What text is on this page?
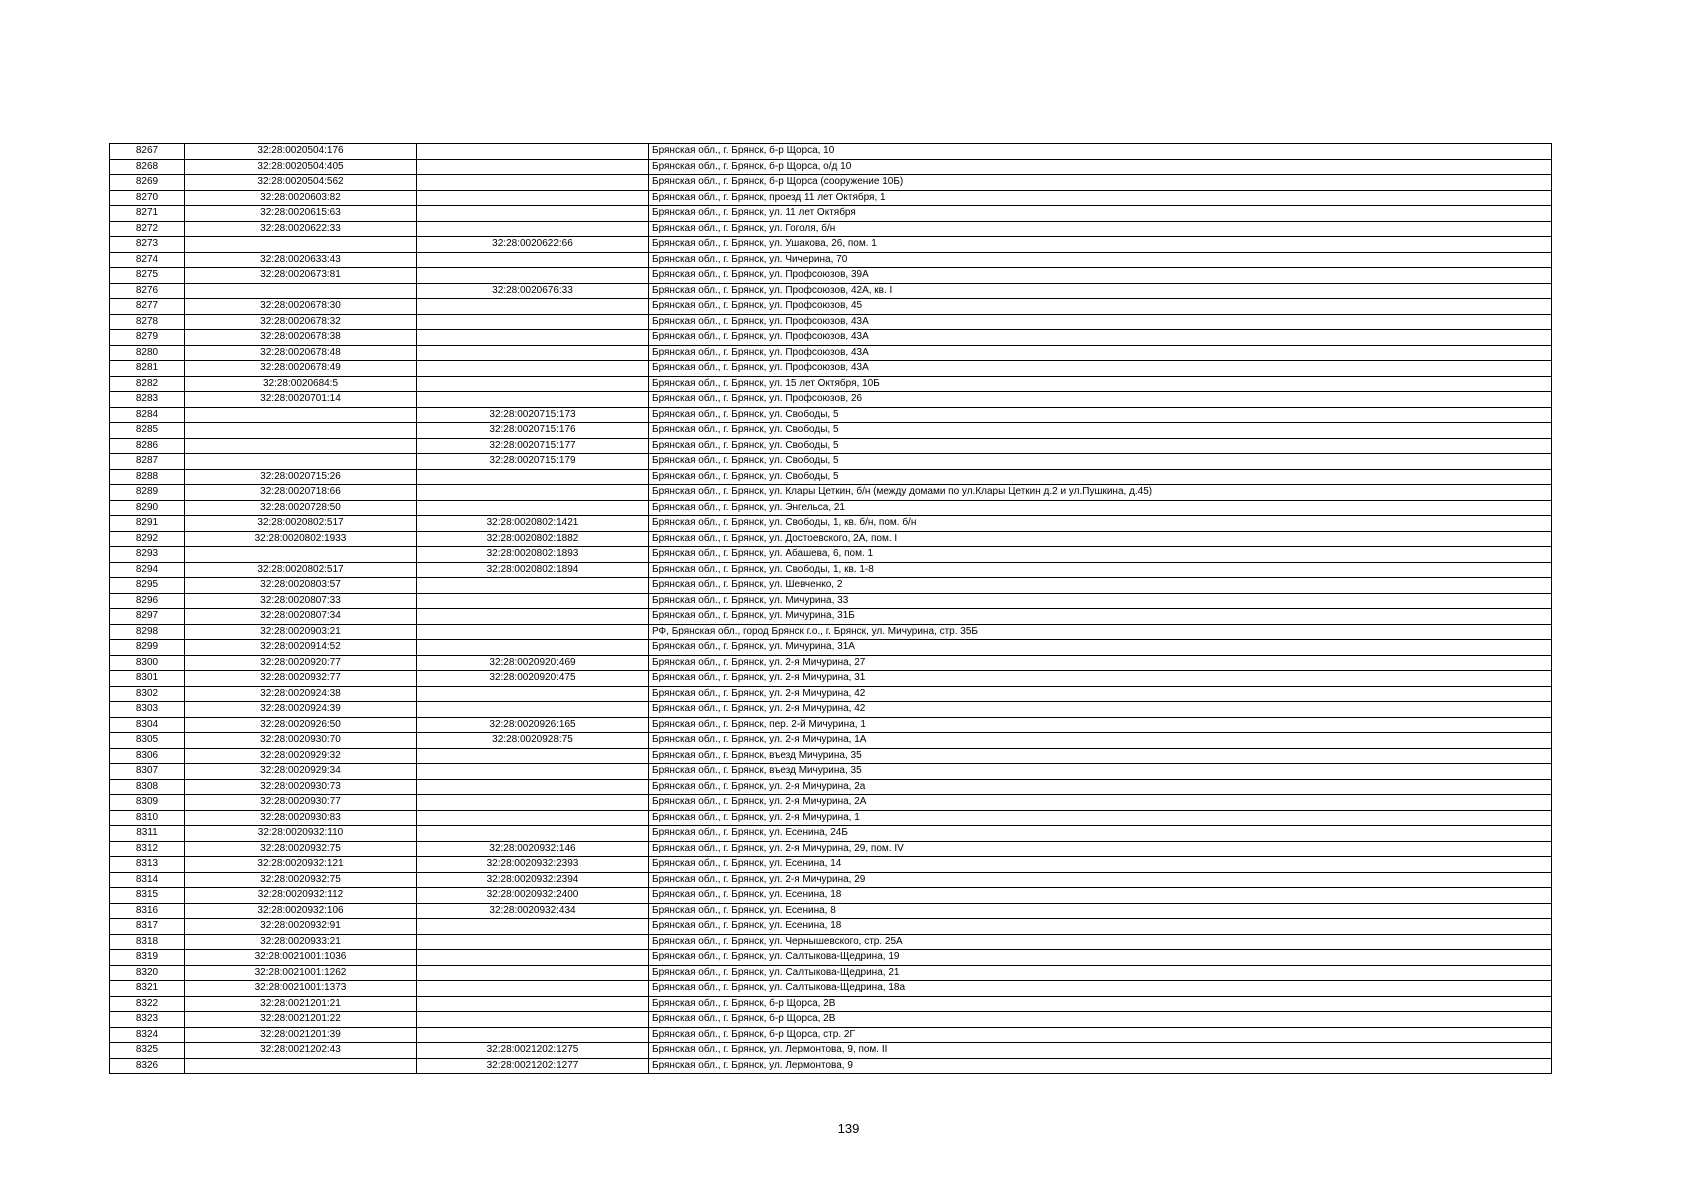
8267	32:28:0020504:176		Брянская обл., г. Брянск, б-р Щорса, 10
8268	32:28:0020504:405		Брянская обл., г. Брянск, б-р Щорса, о/д 10
8269	32:28:0020504:562		Брянская обл., г. Брянск, б-р Щорса (сооружение 10Б)
8270	32:28:0020603:82		Брянская обл., г. Брянск, проезд 11 лет Октября, 1
8271	32:28:0020615:63		Брянская обл., г. Брянск, ул. 11 лет Октября
8272	32:28:0020622:33		Брянская обл., г. Брянск, ул. Гоголя, б/н
8273		32:28:0020622:66	Брянская обл., г. Брянск, ул. Ушакова, 26, пом. 1
8274	32:28:0020633:43		Брянская обл., г. Брянск, ул. Чичерина, 70
8275	32:28:0020673:81		Брянская обл., г. Брянск, ул. Профсоюзов, 39А
8276		32:28:0020676:33	Брянская обл., г. Брянск, ул. Профсоюзов, 42А, кв. I
8277	32:28:0020678:30		Брянская обл., г. Брянск, ул. Профсоюзов, 45
8278	32:28:0020678:32		Брянская обл., г. Брянск, ул. Профсоюзов, 43А
8279	32:28:0020678:38		Брянская обл., г. Брянск, ул. Профсоюзов, 43А
8280	32:28:0020678:48		Брянская обл., г. Брянск, ул. Профсоюзов, 43А
8281	32:28:0020678:49		Брянская обл., г. Брянск, ул. Профсоюзов, 43А
8282	32:28:0020684:5		Брянская обл., г. Брянск, ул. 15 лет Октября, 10Б
8283	32:28:0020701:14		Брянская обл., г. Брянск, ул. Профсоюзов, 26
8284		32:28:0020715:173	Брянская обл., г. Брянск, ул. Свободы, 5
8285		32:28:0020715:176	Брянская обл., г. Брянск, ул. Свободы, 5
8286		32:28:0020715:177	Брянская обл., г. Брянск, ул. Свободы, 5
8287		32:28:0020715:179	Брянская обл., г. Брянск, ул. Свободы, 5
8288	32:28:0020715:26		Брянская обл., г. Брянск, ул. Свободы, 5
8289	32:28:0020718:66		Брянская обл., г. Брянск, ул. Клары Цеткин, б/н (между домами по ул.Клары Цеткин д.2 и ул.Пушкина, д.45)
8290	32:28:0020728:50		Брянская обл., г. Брянск, ул. Энгельса, 21
8291	32:28:0020802:517	32:28:0020802:1421	Брянская обл., г. Брянск, ул. Свободы, 1, кв. б/н, пом. б/н
8292	32:28:0020802:1933	32:28:0020802:1882	Брянская обл., г. Брянск, ул. Достоевского, 2А, пом. I
8293		32:28:0020802:1893	Брянская обл., г. Брянск, ул. Абашева, 6, пом. 1
8294	32:28:0020802:517	32:28:0020802:1894	Брянская обл., г. Брянск, ул. Свободы, 1, кв. 1-8
8295	32:28:0020803:57		Брянская обл., г. Брянск, ул. Шевченко, 2
8296	32:28:0020807:33		Брянская обл., г. Брянск, ул. Мичурина, 33
8297	32:28:0020807:34		Брянская обл., г. Брянск, ул. Мичурина, 31Б
8298	32:28:0020903:21		РФ, Брянская обл., город Брянск г.о., г. Брянск, ул. Мичурина, стр. 35Б
8299	32:28:0020914:52		Брянская обл., г. Брянск, ул. Мичурина, 31А
8300	32:28:0020920:77	32:28:0020920:469	Брянская обл., г. Брянск, ул. 2-я Мичурина, 27
8301	32:28:0020932:77	32:28:0020920:475	Брянская обл., г. Брянск, ул. 2-я Мичурина, 31
8302	32:28:0020924:38		Брянская обл., г. Брянск, ул. 2-я Мичурина, 42
8303	32:28:0020924:39		Брянская обл., г. Брянск, ул. 2-я Мичурина, 42
8304	32:28:0020926:50	32:28:0020926:165	Брянская обл., г. Брянск, пер. 2-й Мичурина, 1
8305	32:28:0020930:70	32:28:0020928:75	Брянская обл., г. Брянск, ул. 2-я Мичурина, 1А
8306	32:28:0020929:32		Брянская обл., г. Брянск, въезд Мичурина, 35
8307	32:28:0020929:34		Брянская обл., г. Брянск, въезд Мичурина, 35
8308	32:28:0020930:73		Брянская обл., г. Брянск, ул. 2-я Мичурина, 2а
8309	32:28:0020930:77		Брянская обл., г. Брянск, ул. 2-я Мичурина, 2А
8310	32:28:0020930:83		Брянская обл., г. Брянск, ул. 2-я Мичурина, 1
8311	32:28:0020932:110		Брянская обл., г. Брянск, ул. Есенина, 24Б
8312	32:28:0020932:75	32:28:0020932:146	Брянская обл., г. Брянск, ул. 2-я Мичурина, 29, пом. IV
8313	32:28:0020932:121	32:28:0020932:2393	Брянская обл., г. Брянск, ул. Есенина, 14
8314	32:28:0020932:75	32:28:0020932:2394	Брянская обл., г. Брянск, ул. 2-я Мичурина, 29
8315	32:28:0020932:112	32:28:0020932:2400	Брянская обл., г. Брянск, ул. Есенина, 18
8316	32:28:0020932:106	32:28:0020932:434	Брянская обл., г. Брянск, ул. Есенина, 8
8317	32:28:0020932:91		Брянская обл., г. Брянск, ул. Есенина, 18
8318	32:28:0020933:21		Брянская обл., г. Брянск, ул. Чернышевского, стр. 25А
8319	32:28:0021001:1036		Брянская обл., г. Брянск, ул. Салтыкова-Щедрина, 19
8320	32:28:0021001:1262		Брянская обл., г. Брянск, ул. Салтыкова-Щедрина, 21
8321	32:28:0021001:1373		Брянская обл., г. Брянск, ул. Салтыкова-Щедрина, 18а
8322	32:28:0021201:21		Брянская обл., г. Брянск, б-р Щорса, 2В
8323	32:28:0021201:22		Брянская обл., г. Брянск, б-р Щорса, 2В
8324	32:28:0021201:39		Брянская обл., г. Брянск, б-р Щорса, стр. 2Г
8325	32:28:0021202:43	32:28:0021202:1275	Брянская обл., г. Брянск, ул. Лермонтова, 9, пом. II
8326		32:28:0021202:1277	Брянская обл., г. Брянск, ул. Лермонтова, 9
139
